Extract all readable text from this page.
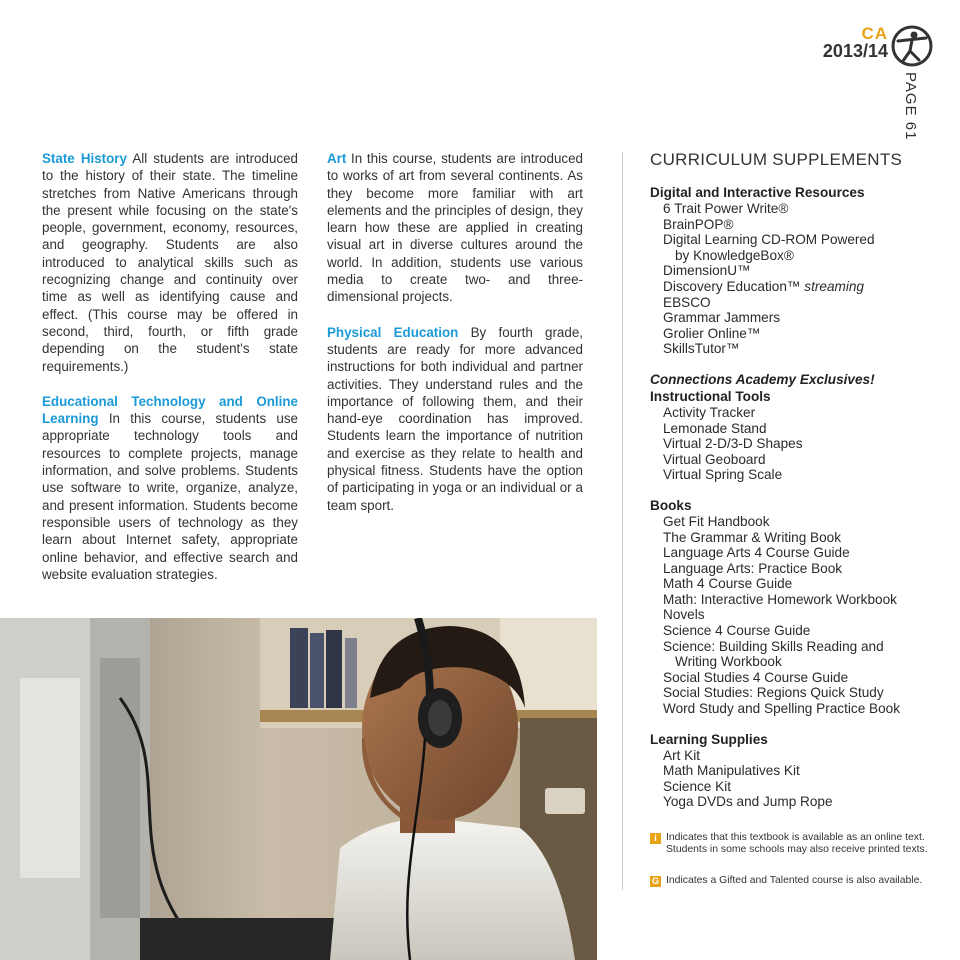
CA
2013/14
PAGE 61

State History All students are introduced to the history of their state. The timeline stretches from Native Americans through the present while focusing on the state's people, government, economy, resources, and geography. Students are also introduced to analytical skills such as recognizing change and continuity over time as well as identifying cause and effect. (This course may be offered in second, third, fourth, or fifth grade depending on the student's state requirements.)

Educational Technology and Online Learning In this course, students use appropriate technology tools and resources to complete projects, manage information, and solve problems. Students use software to write, organize, analyze, and present information. Students become responsible users of technology as they learn about Internet safety, appropriate online behavior, and effective search and website evaluation strategies.

Art In this course, students are introduced to works of art from several continents. As they become more familiar with art elements and the principles of design, they learn how these are applied in creating visual art in diverse cultures around the world. In addition, students use various media to create two- and three-dimensional projects.

Physical Education By fourth grade, students are ready for more advanced instructions for both individual and partner activities. They understand rules and the importance of following them, and their hand-eye coordination has improved. Students learn the importance of nutrition and exercise as they relate to health and physical fitness. Students have the option of participating in yoga or an individual or a team sport.

CURRICULUM SUPPLEMENTS
Digital and Interactive Resources
6 Trait Power Write®
BrainPOP®
Digital Learning CD-ROM Powered
by KnowledgeBox®
DimensionU™
Discovery Education™ streaming
EBSCO
Grammar Jammers
Grolier Online™
SkillsTutor™
Connections Academy Exclusives!
Instructional Tools
Activity Tracker
Lemonade Stand
Virtual 2-D/3-D Shapes
Virtual Geoboard
Virtual Spring Scale
Books
Get Fit Handbook
The Grammar & Writing Book
Language Arts 4 Course Guide
Language Arts: Practice Book
Math 4 Course Guide
Math: Interactive Homework Workbook
Novels
Science 4 Course Guide
Science: Building Skills Reading and
Writing Workbook
Social Studies 4 Course Guide
Social Studies: Regions Quick Study
Word Study and Spelling Practice Book
Learning Supplies
Art Kit
Math Manipulatives Kit
Science Kit
Yoga DVDs and Jump Rope
i Indicates that this textbook is available as an online text. Students in some schools may also receive printed texts.
G Indicates a Gifted and Talented course is also available.
